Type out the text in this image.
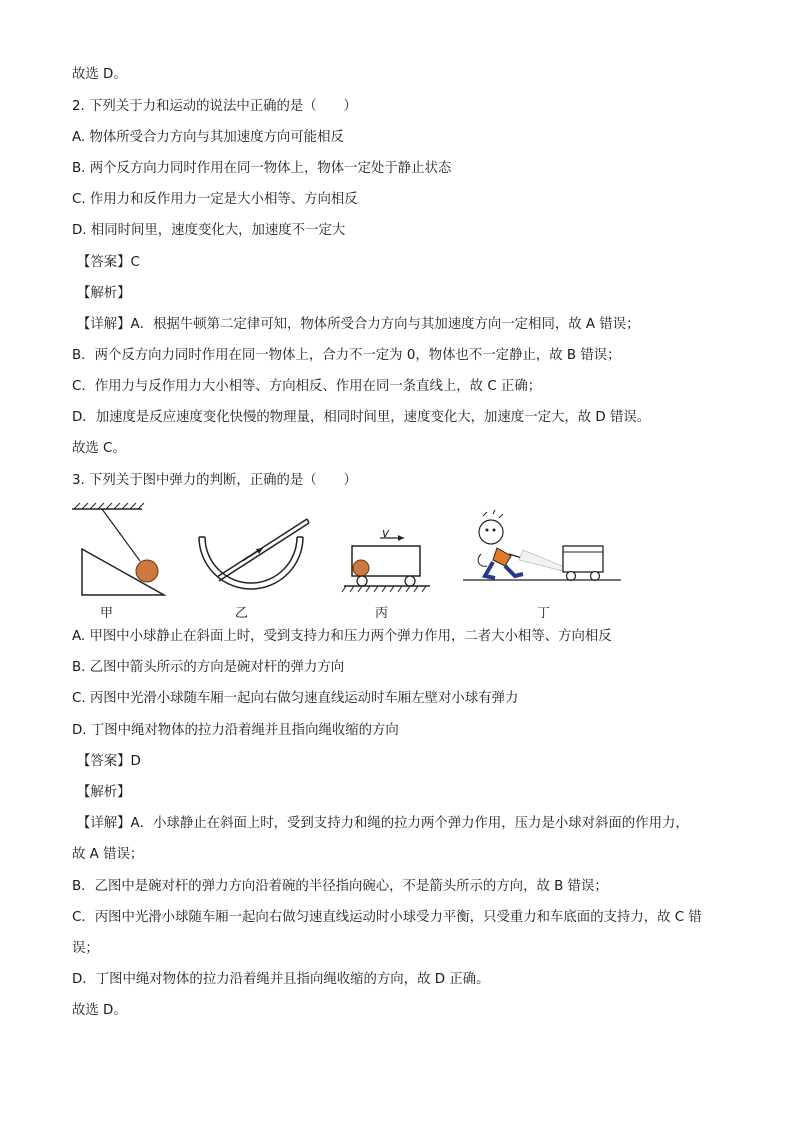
故选 D。
2. 下列关于力和运动的说法中正确的是（　　）
A. 物体所受合力方向与其加速度方向可能相反
B. 两个反方向力同时作用在同一物体上，物体一定处于静止状态
C. 作用力和反作用力一定是大小相等、方向相反
D. 相同时间里，速度变化大，加速度不一定大
【答案】C
【解析】
【详解】A．根据牛顿第二定律可知，物体所受合力方向与其加速度方向一定相同，故 A 错误；
B．两个反方向力同时作用在同一物体上，合力不一定为 0，物体也不一定静止，故 B 错误；
C．作用力与反作用力大小相等、方向相反、作用在同一条直线上，故 C 正确；
D．加速度是反应速度变化快慢的物理量，相同时间里，速度变化大，加速度一定大，故 D 错误。
故选 C。
3. 下列关于图中弹力的判断，正确的是（　　）
甲	乙
v
丙	丁
A. 甲图中小球静止在斜面上时，受到支持力和压力两个弹力作用，二者大小相等、方向相反
B. 乙图中箭头所示的方向是碗对杆的弹力方向
C. 丙图中光滑小球随车厢一起向右做匀速直线运动时车厢左壁对小球有弹力
D. 丁图中绳对物体的拉力沿着绳并且指向绳收缩的方向
【答案】D
【解析】
【详解】A．小球静止在斜面上时，受到支持力和绳的拉力两个弹力作用，压力是小球对斜面的作用力，
故 A 错误；
B．乙图中是碗对杆的弹力方向沿着碗的半径指向碗心，不是箭头所示的方向，故 B 错误；
C．丙图中光滑小球随车厢一起向右做匀速直线运动时小球受力平衡，只受重力和车底面的支持力，故 C 错
误；
D．丁图中绳对物体的拉力沿着绳并且指向绳收缩的方向，故 D 正确。
故选 D。
